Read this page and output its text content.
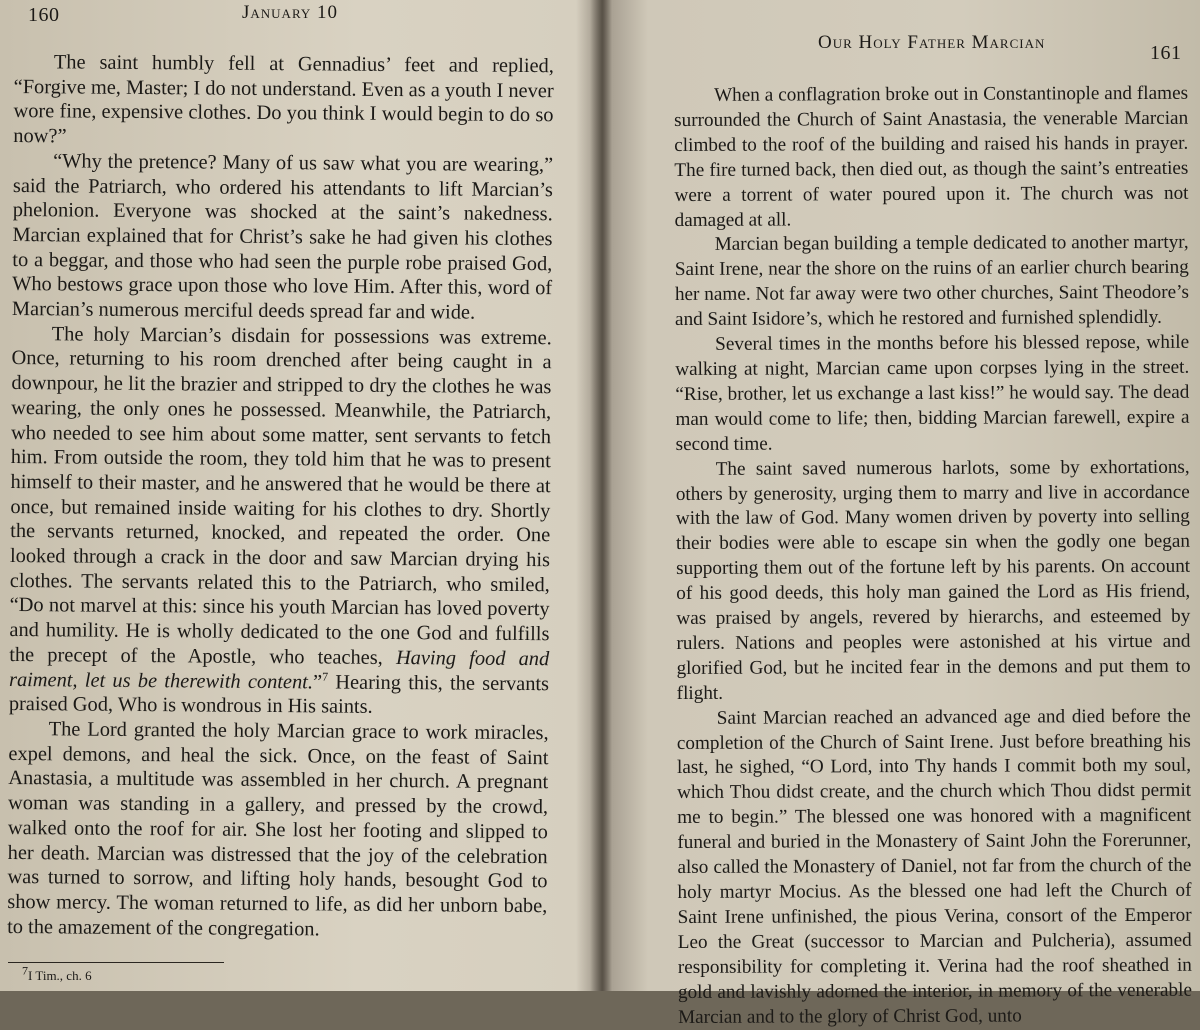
160	January 10

The saint humbly fell at Gennadius’ feet and replied, “Forgive me, Master; I do not understand. Even as a youth I never wore fine, expensive clothes. Do you think I would begin to do so now?”

“Why the pretence? Many of us saw what you are wearing,” said the Patriarch, who ordered his attendants to lift Marcian’s phelonion. Everyone was shocked at the saint’s nakedness. Marcian explained that for Christ’s sake he had given his clothes to a beggar, and those who had seen the purple robe praised God, Who bestows grace upon those who love Him. After this, word of Marcian’s numerous merciful deeds spread far and wide.

The holy Marcian’s disdain for possessions was extreme. Once, returning to his room drenched after being caught in a downpour, he lit the brazier and stripped to dry the clothes he was wearing, the only ones he possessed. Meanwhile, the Patriarch, who needed to see him about some matter, sent servants to fetch him. From outside the room, they told him that he was to present himself to their master, and he answered that he would be there at once, but remained inside waiting for his clothes to dry. Shortly the servants returned, knocked, and repeated the order. One looked through a crack in the door and saw Marcian drying his clothes. The servants related this to the Patriarch, who smiled, “Do not marvel at this: since his youth Marcian has loved poverty and humility. He is wholly dedicated to the one God and fulfills the precept of the Apostle, who teaches, Having food and raiment, let us be therewith content.”$^7$ Hearing this, the servants praised God, Who is wondrous in His saints.

The Lord granted the holy Marcian grace to work miracles, expel demons, and heal the sick. Once, on the feast of Saint Anastasia, a multitude was assembled in her church. A pregnant woman was standing in a gallery, and pressed by the crowd, walked onto the roof for air. She lost her footing and slipped to her death. Marcian was distressed that the joy of the celebration was turned to sorrow, and lifting holy hands, besought God to show mercy. The woman returned to life, as did her unborn babe, to the amazement of the congregation.

$^7$I Tim., ch. 6
Our Holy Father Marcian	161

When a conflagration broke out in Constantinople and flames surrounded the Church of Saint Anastasia, the venerable Marcian climbed to the roof of the building and raised his hands in prayer. The fire turned back, then died out, as though the saint’s entreaties were a torrent of water poured upon it. The church was not damaged at all.

Marcian began building a temple dedicated to another martyr, Saint Irene, near the shore on the ruins of an earlier church bearing her name. Not far away were two other churches, Saint Theodore’s and Saint Isidore’s, which he restored and furnished splendidly.

Several times in the months before his blessed repose, while walking at night, Marcian came upon corpses lying in the street. “Rise, brother, let us exchange a last kiss!” he would say. The dead man would come to life; then, bidding Marcian farewell, expire a second time.

The saint saved numerous harlots, some by exhortations, others by generosity, urging them to marry and live in accordance with the law of God. Many women driven by poverty into selling their bodies were able to escape sin when the godly one began supporting them out of the fortune left by his parents. On account of his good deeds, this holy man gained the Lord as His friend, was praised by angels, revered by hierarchs, and esteemed by rulers. Nations and peoples were astonished at his virtue and glorified God, but he incited fear in the demons and put them to flight.

Saint Marcian reached an advanced age and died before the completion of the Church of Saint Irene. Just before breathing his last, he sighed, “O Lord, into Thy hands I commit both my soul, which Thou didst create, and the church which Thou didst permit me to begin.” The blessed one was honored with a magnificent funeral and buried in the Monastery of Saint John the Forerunner, also called the Monastery of Daniel, not far from the church of the holy martyr Mocius. As the blessed one had left the Church of Saint Irene unfinished, the pious Verina, consort of the Emperor Leo the Great (successor to Marcian and Pulcheria), assumed responsibility for completing it. Verina had the roof sheathed in gold and lavishly adorned the interior, in memory of the venerable Marcian and to the glory of Christ God, unto
